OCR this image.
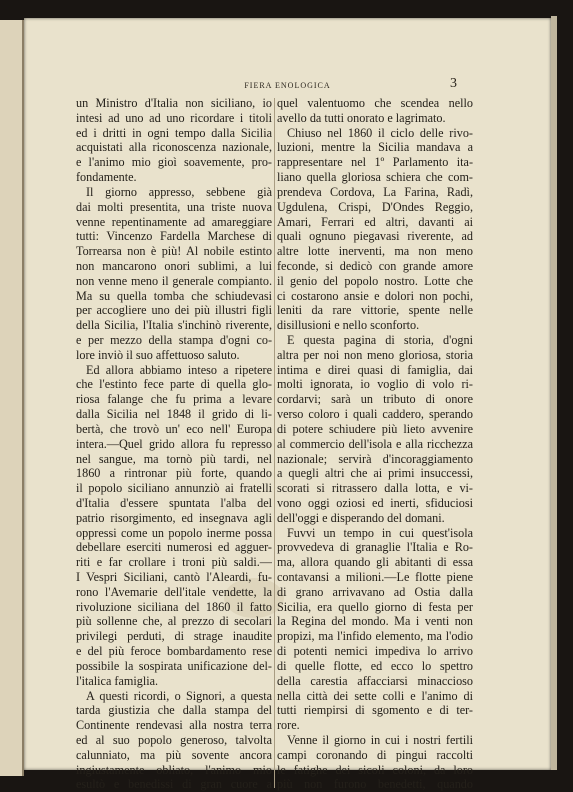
FIERA ENOLOGICA	3
un Ministro d'Italia non siciliano, io
intesi ad uno ad uno ricordare i titoli
ed i dritti in ogni tempo dalla Sicilia
acquistati alla riconoscenza nazionale,
e l'animo mio gioì soavemente, pro-
fondamente.
Il giorno appresso, sebbene già
dai molti presentita, una triste nuova
venne repentinamente ad amareggiare
tutti: Vincenzo Fardella Marchese di
Torrearsa non è più! Al nobile estinto
non mancarono onori sublimi, a lui
non venne meno il generale compianto.
Ma su quella tomba che schiudevasi
per accogliere uno dei più illustri figli
della Sicilia, l'Italia s'inchinò riverente,
e per mezzo della stampa d'ogni co-
lore inviò il suo affettuoso saluto.
Ed allora abbiamo inteso a ripetere
che l'estinto fece parte di quella glo-
riosa falange che fu prima a levare
dalla Sicilia nel 1848 il grido di li-
bertà, che trovò un' eco nell' Europa
intera.—Quel grido allora fu represso
nel sangue, ma tornò più tardi, nel
1860 a rintronar più forte, quando
il popolo siciliano annunziò ai fratelli
d'Italia d'essere spuntata l'alba del
patrio risorgimento, ed insegnava agli
oppressi come un popolo inerme possa
debellare eserciti numerosi ed agguer-
riti e far crollare i troni più saldi.—
I Vespri Siciliani, cantò l'Aleardi, fu-
rono l'Avemarie dell'itale vendette, la
rivoluzione siciliana del 1860 il fatto
più sollenne che, al prezzo di secolari
privilegi perduti, di strage inaudite
e del più feroce bombardamento rese
possibile la sospirata unificazione del-
l'italica famiglia.
A questi ricordi, o Signori, a questa
tarda giustizia che dalla stampa del
Continente rendevasi alla nostra terra
ed al suo popolo generoso, talvolta
calunniato, ma più sovente ancora
ingiustamente obliato, l'animo mio
esultò e benedissi di gran cuore a
quel valentuomo che scendea nello
avello da tutti onorato e lagrimato.
Chiuso nel 1860 il ciclo delle rivo-
luzioni, mentre la Sicilia mandava a
rappresentare nel 1º Parlamento ita-
liano quella gloriosa schiera che com-
prendeva Cordova, La Farina, Radì,
Ugdulena, Crispi, D'Ondes Reggio,
Amari, Ferrari ed altri, davanti ai
quali ognuno piegavasi riverente, ad
altre lotte inerventi, ma non meno
feconde, si dedicò con grande amore
il genio del popolo nostro. Lotte che
ci costarono ansie e dolori non pochi,
leniti da rare vittorie, spente nelle
disillusioni e nello sconforto.
E questa pagina di storia, d'ogni
altra per noi non meno gloriosa, storia
intima e direi quasi di famiglia, dai
molti ignorata, io voglio di volo ri-
cordarvi; sarà un tributo di onore
verso coloro i quali caddero, sperando
di potere schiudere più lieto avvenire
al commercio dell'isola e alla ricchezza
nazionale; servirà d'incoraggiamento
a quegli altri che ai primi insuccessi,
scorati si ritrassero dalla lotta, e vi-
vono oggi oziosi ed inerti, sfiduciosi
dell'oggi e disperando del domani.
Fuvvi un tempo in cui quest'isola
provvedeva di granaglie l'Italia e Ro-
ma, allora quando gli abitanti di essa
contavansi a milioni.—Le flotte piene
di grano arrivavano ad Ostia dalla
Sicilia, era quello giorno di festa per
la Regina del mondo. Ma i venti non
propizi, ma l'infido elemento, ma l'odio
di potenti nemici impediva lo arrivo
di quelle flotte, ed ecco lo spettro
della carestia affacciarsi minaccioso
nella città dei sette colli e l'animo di
tutti riempirsi di sgomento e di ter-
rore.
Venne il giorno in cui i nostri fertili
campi coronando di pingui raccolti
le fatighe dei sicoli coloni, da loro
più non furono benedetti, quando
